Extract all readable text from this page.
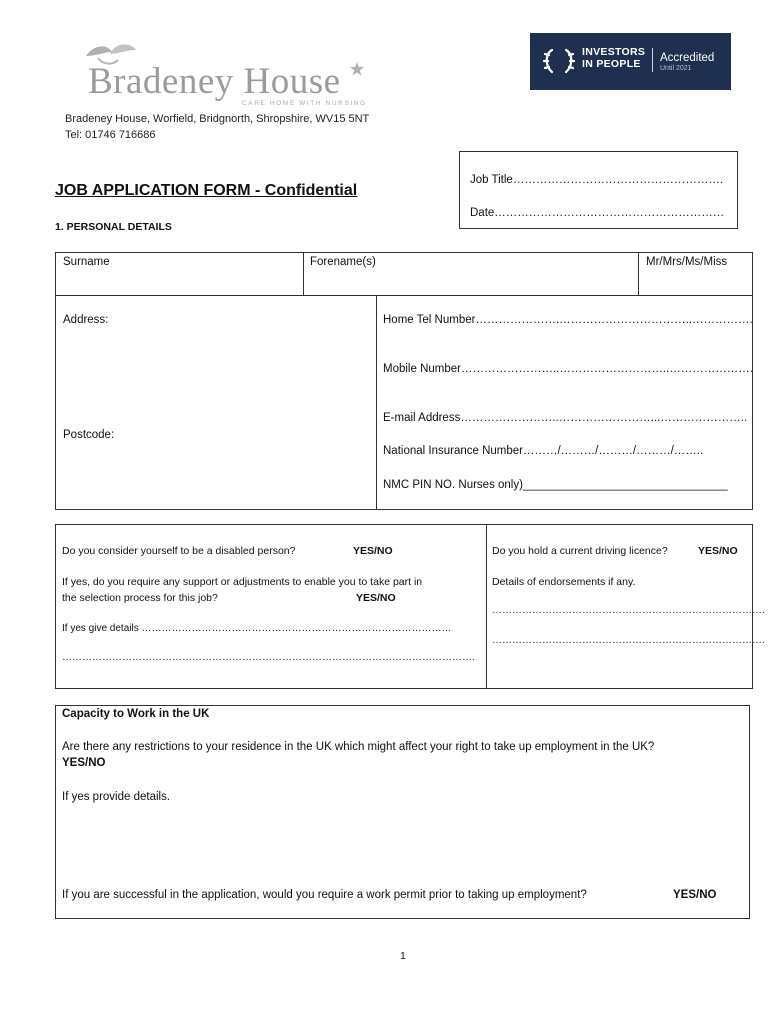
Bradeney House
CARE HOME WITH NURSING
Bradeney House, Worfield, Bridgnorth, Shropshire, WV15 5NT
Tel: 01746 716686
INVESTORS
IN PEOPLE	Accredited
Until 2021
Job Title……………………………………………….
Date……………………………………………………
JOB APPLICATION FORM - Confidential
1. PERSONAL DETAILS
Surname	Forename(s)	Mr/Mrs/Ms/Miss
Address:
Postcode:
Home Tel Number………………….……………………………..…………….
Mobile Number……………………..………………………..………………….
E-mail Address……………………..……………………...…………………..
National Insurance Number………/………/………/………/……..
NMC PIN NO. Nurses only)________________________________
Do you consider yourself to be a disabled person?	YES/NO
If yes, do you require any support or adjustments to enable you to take part in
the selection process for this job?	YES/NO
If yes give details …………………………………………………………………………………
…………………………………………………………………………………………………………….
Do you hold a current driving licence?	YES/NO
Details of endorsements if any.
……………………………………………………………………….
……………………………………………………………………….
Capacity to Work in the UK
Are there any restrictions to your residence in the UK which might affect your right to take up employment in the UK?
YES/NO
If yes provide details.
If you are successful in the application, would you require a work permit prior to taking up employment?	YES/NO
1
